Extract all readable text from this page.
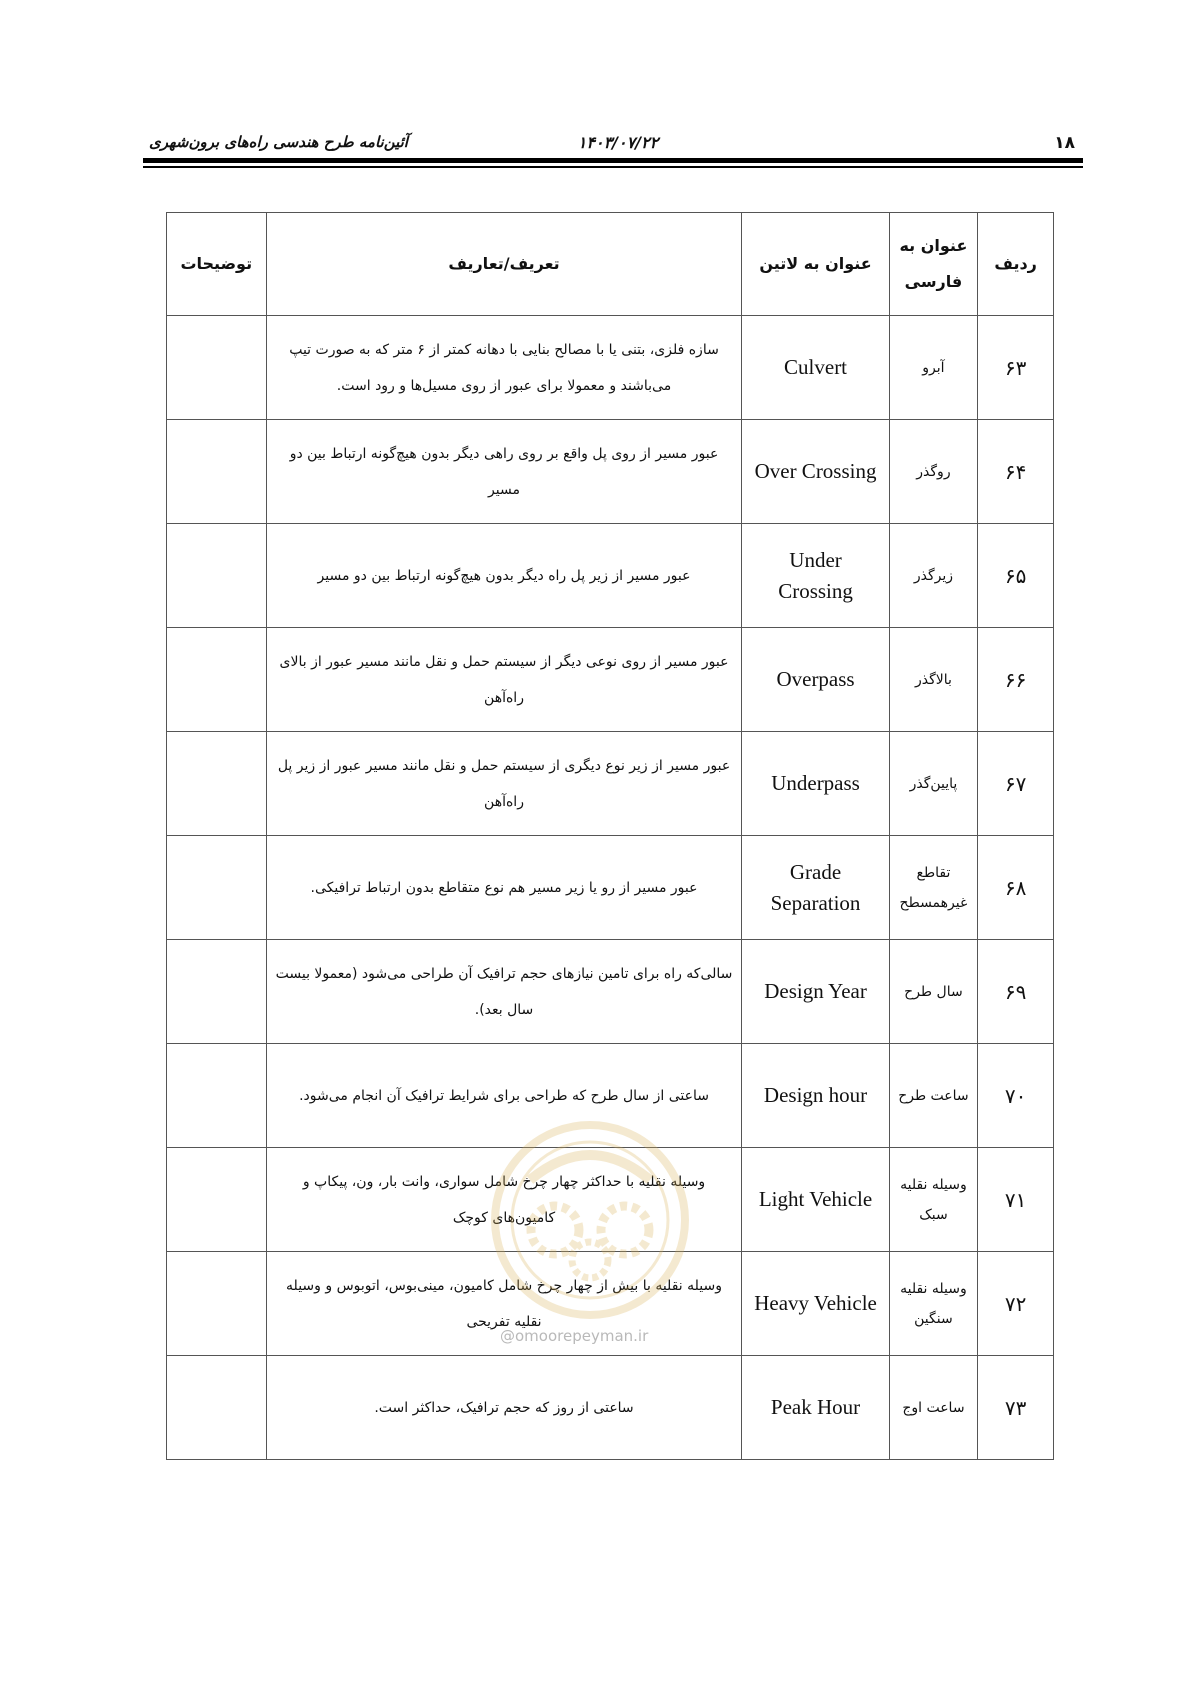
۱۸
۱۴۰۳/۰۷/۲۲
آئین‌نامه طرح هندسی راه‌های برون‌شهری
ردیف	عنوان به فارسی	عنوان به لاتین	تعریف/تعاریف	توضیحات
۶۳	آبرو	Culvert	سازه فلزی، بتنی یا با مصالح بنایی با دهانه کمتر از ۶ متر که به صورت تیپ می‌باشند و معمولا برای عبور از روی مسیل‌ها و رود است.	
۶۴	روگذر	Over Crossing	عبور مسیر از روی پل واقع بر روی راهی دیگر بدون هیچ‌گونه ارتباط بین دو مسیر	
۶۵	زیرگذر	Under Crossing	عبور مسیر از زیر پل راه دیگر بدون هیچ‌گونه ارتباط بین دو مسیر	
۶۶	بالاگذر	Overpass	عبور مسیر از روی نوعی دیگر از سیستم حمل و نقل مانند مسیر عبور از بالای راه‌آهن	
۶۷	پایین‌گذر	Underpass	عبور مسیر از زیر نوع دیگری از سیستم حمل و نقل مانند مسیر عبور از زیر پل راه‌آهن	
۶۸	تقاطع غیرهمسطح	Grade Separation	عبور مسیر از رو یا زیر مسیر هم نوع متقاطع بدون ارتباط ترافیکی.	
۶۹	سال طرح	Design Year	سالی‌که راه برای تامین نیازهای حجم ترافیک آن طراحی می‌شود (معمولا بیست سال بعد).	
۷۰	ساعت طرح	Design hour	ساعتی از سال طرح که طراحی برای شرایط ترافیک آن انجام می‌شود.	
۷۱	وسیله نقلیه سبک	Light Vehicle	وسیله نقلیه با حداکثر چهار چرخ شامل سواری، وانت بار، ون، پیکاپ و کامیون‌های کوچک	
۷۲	وسیله نقلیه سنگین	Heavy Vehicle	وسیله نقلیه با بیش از چهار چرخ شامل کامیون، مینی‌بوس، اتوبوس و وسیله نقلیه تفریحی	
۷۳	ساعت اوج	Peak Hour	ساعتی از روز که حجم ترافیک، حداکثر است.	
@omoorepeyman.ir
